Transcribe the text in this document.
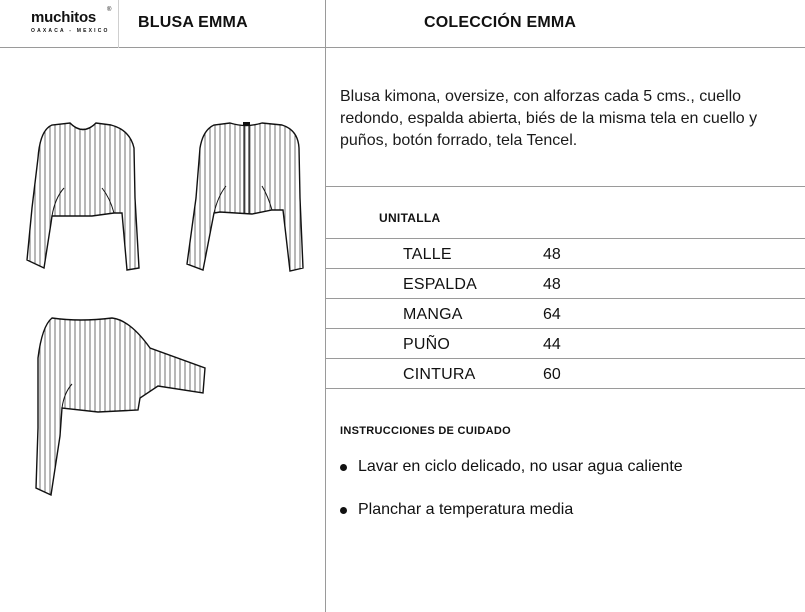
muchitos	®
OAXACA - MEXICO BLUSA EMMA	COLECCIÓN EMMA
Blusa kimona, oversize, con alforzas cada 5 cms., cuello redondo, espalda abierta, biés de la misma tela en cuello y puños, botón forrado, tela Tencel.
UNITALLA
TALLE	48
ESPALDA	48
MANGA	64
PUÑO	44
CINTURA	60
INSTRUCCIONES DE CUIDADO
Lavar en ciclo delicado, no usar agua caliente
Planchar a temperatura media
